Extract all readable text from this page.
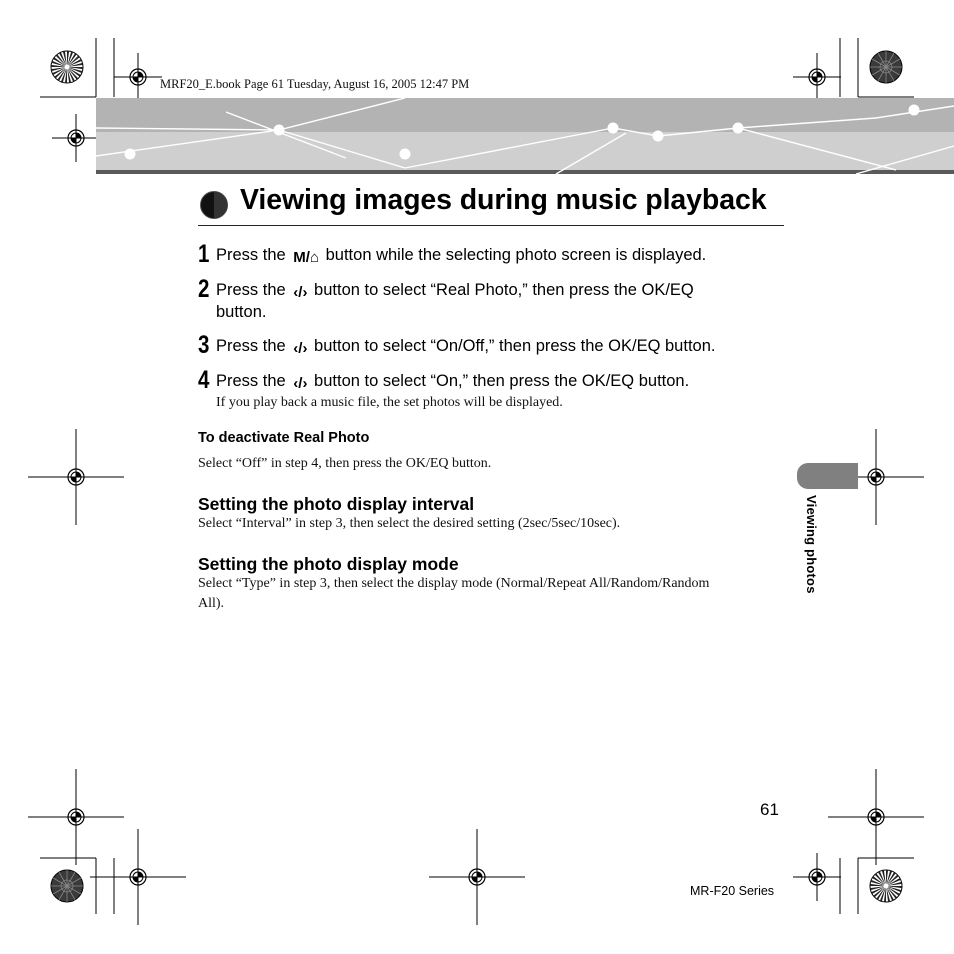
MRF20_E.book Page 61 Tuesday, August 16, 2005 12:47 PM
Viewing images during music playback
1 Press the M/⌂ button while the selecting photo screen is displayed.
2 Press the ‹/› button to select “Real Photo,” then press the OK/EQ
button.
3 Press the ‹/› button to select “On/Off,” then press the OK/EQ button.
4 Press the ‹/› button to select “On,” then press the OK/EQ button.
If you play back a music file, the set photos will be displayed.
To deactivate Real Photo
Select “Off” in step 4, then press the OK/EQ button.
Setting the photo display interval
Select “Interval” in step 3, then select the desired setting (2sec/5sec/10sec).
Setting the photo display mode
Select “Type” in step 3, then select the display mode (Normal/Repeat All/Random/Random
All).
Viewing photos
61
MR-F20 Series
